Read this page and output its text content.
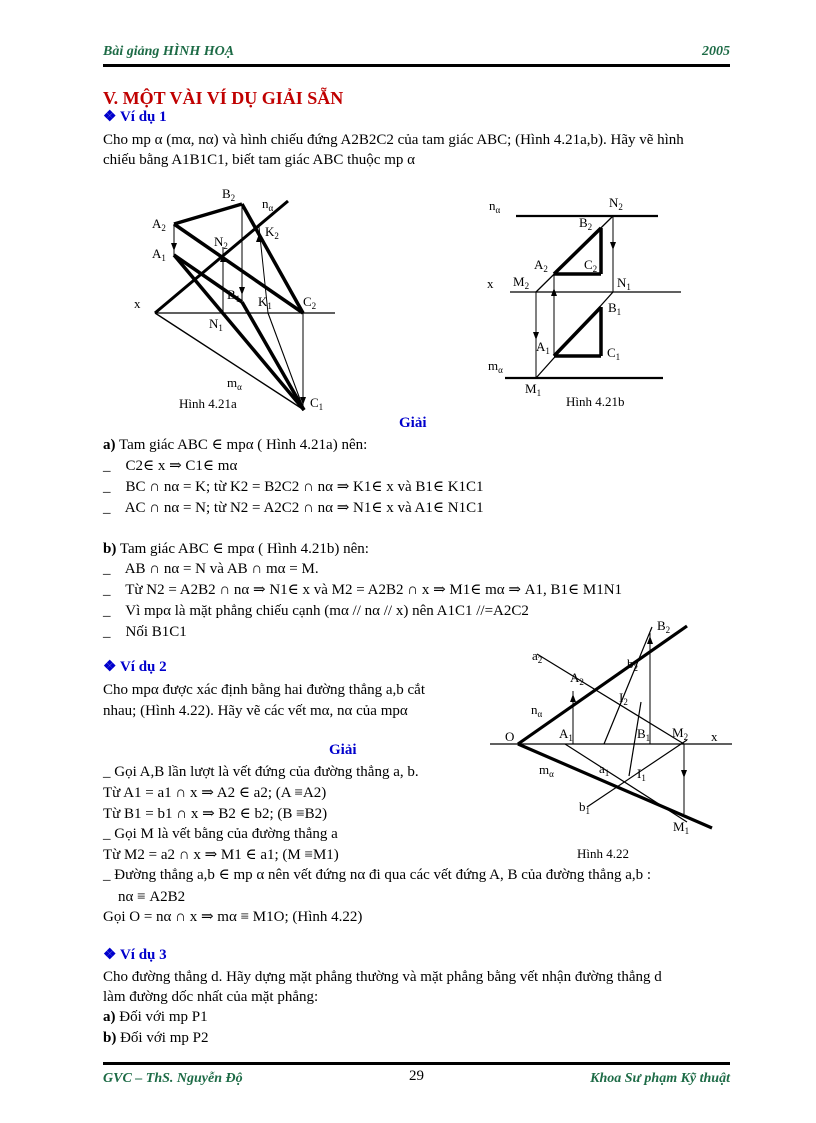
Bài giảng HÌNH HOẠ	2005
V. MỘT VÀI VÍ DỤ GIẢI SẴN
❖ Ví dụ 1
Cho mp α (mα, nα) và hình chiếu đứng A2B2C2 của tam giác ABC; (Hình 4.21a,b). Hãy vẽ hình
chiếu bằng A1B1C1, biết tam giác ABC thuộc mp α
$B_2$ $n_\alpha$
$A_2$	$K_2$
$N_2$
$A_1$
$B_1$ $K_1$ $C_2$
x
$N_1$
$m_\alpha$
$C_1$
Hình 4.21a
$n_\alpha$	$N_2$
$B_2$
$A_2$	$C_2$
x $M_2$	$N_1$
$B_1$
$A_1$	$C_1$
$m_\alpha$
$M_1$
Hình 4.21b
Giải
a) Tam giác ABC ∈ mpα ( Hình 4.21a) nên:
_    C2∈ x ⇒ C1∈ mα
_    BC ∩ nα = K; từ K2 = B2C2 ∩ nα ⇒ K1∈ x và B1∈ K1C1
_    AC ∩ nα = N; từ N2 = A2C2 ∩ nα ⇒ N1∈ x và A1∈ N1C1
b) Tam giác ABC ∈ mpα ( Hình 4.21b) nên:
_    AB ∩ nα = N và AB ∩ mα = M.
_    Từ N2 = A2B2 ∩ nα ⇒ N1∈ x và M2 = A2B2 ∩ x ⇒ M1∈ mα ⇒ A1, B1∈ M1N1
_    Vì mpα là mặt phẳng chiếu cạnh (mα // nα // x) nên A1C1 //=A2C2
_    Nối B1C1
❖ Ví dụ 2
Cho mpα được xác định bằng hai đường thẳng a,b cắt
nhau; (Hình 4.22). Hãy vẽ các vết mα, nα của mpα
$B_2$
$a_2$	$b_2$
$A_2$
$I_2$
$n_\alpha$
O	$A_1$	$B_1$ $M_2$ x
$m_\alpha$	$a_1$ $I_1$
$b_1$
$M_1$
Hình 4.22
Giải
_ Gọi A,B lần lượt là vết đứng của đường thẳng a, b.
Từ A1 = a1 ∩ x ⇒ A2 ∈ a2; (A ≡A2)
Từ B1 = b1 ∩ x ⇒ B2 ∈ b2; (B ≡B2)
_ Gọi M là vết bằng của đường thẳng a
Từ M2 = a2 ∩ x ⇒ M1 ∈ a1; (M ≡M1)
_ Đường thẳng a,b ∈ mp α nên vết đứng nα đi qua các vết đứng A, B của đường thẳng a,b :
nα ≡ A2B2
Gọi O = nα ∩ x ⇒ mα ≡ M1O; (Hình 4.22)
❖ Ví dụ 3
Cho đường thẳng d. Hãy dựng mặt phẳng thường và mặt phẳng bằng vết nhận đường thẳng d
làm đường dốc nhất của mặt phẳng:
a) Đối với mp P1
b) Đối với mp P2
GVC – ThS. Nguyễn Độ	29	Khoa Sư phạm Kỹ thuật
